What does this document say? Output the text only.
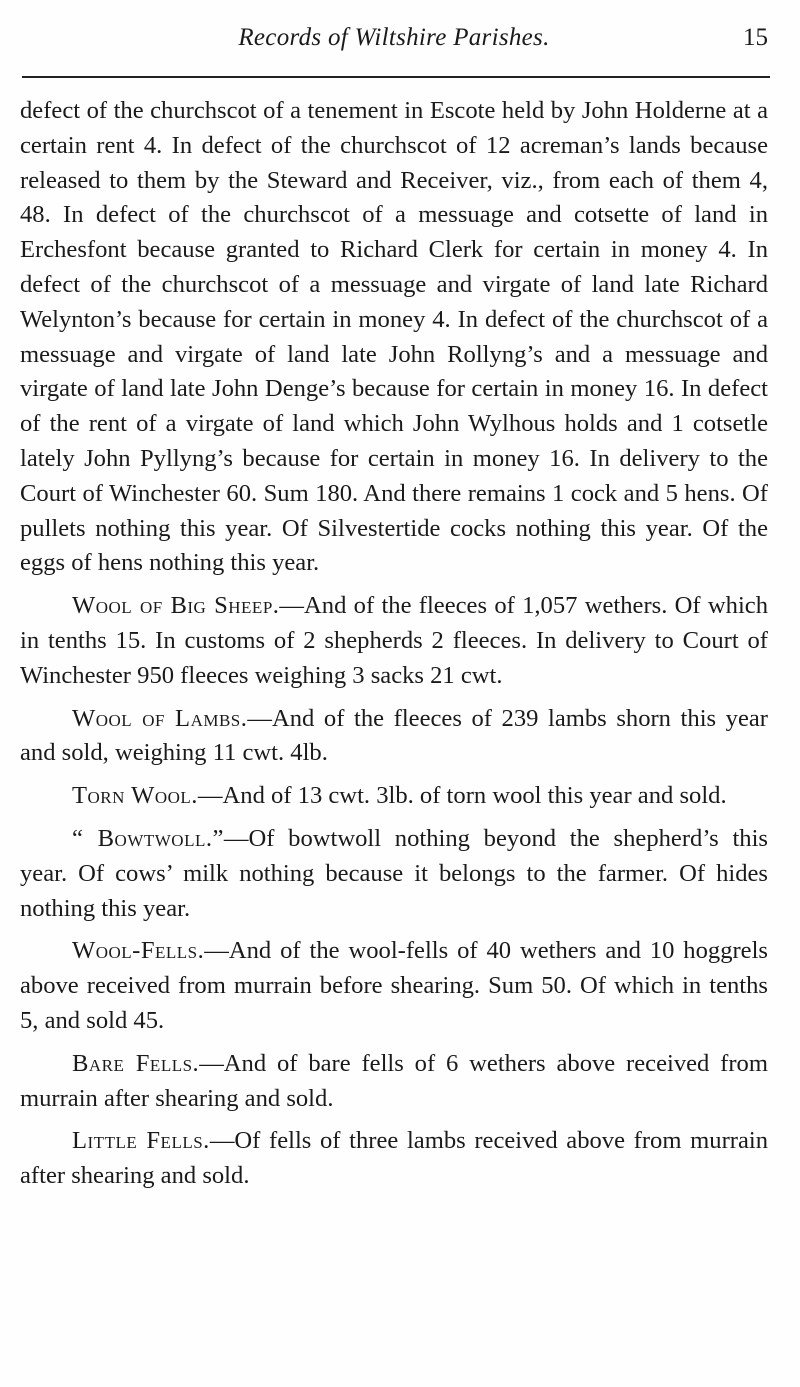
Records of Wiltshire Parishes.	15

defect of the churchscot of a tenement in Escote held by John Holderne at a certain rent 4. In defect of the churchscot of 12 acreman’s lands because released to them by the Steward and Receiver, viz., from each of them 4, 48. In defect of the churchscot of a messuage and cotsette of land in Erchesfont because granted to Richard Clerk for certain in money 4. In defect of the churchscot of a messuage and virgate of land late Richard Welynton’s because for certain in money 4. In defect of the churchscot of a messuage and virgate of land late John Rollyng’s and a messuage and virgate of land late John Denge’s because for certain in money 16. In defect of the rent of a virgate of land which John Wylhous holds and 1 cotsetle lately John Pyllyng’s because for certain in money 16. In delivery to the Court of Winchester 60. Sum 180. And there remains 1 cock and 5 hens. Of pullets nothing this year. Of Silvestertide cocks nothing this year. Of the eggs of hens nothing this year.

Wool of Big Sheep.—And of the fleeces of 1,057 wethers. Of which in tenths 15. In customs of 2 shepherds 2 fleeces. In delivery to Court of Winchester 950 fleeces weighing 3 sacks 21 cwt.

Wool of Lambs.—And of the fleeces of 239 lambs shorn this year and sold, weighing 11 cwt. 4lb.

Torn Wool.—And of 13 cwt. 3lb. of torn wool this year and sold.

“ Bowtwoll.”—Of bowtwoll nothing beyond the shepherd’s this year. Of cows’ milk nothing because it belongs to the farmer. Of hides nothing this year.

Wool-Fells.—And of the wool-fells of 40 wethers and 10 hoggrels above received from murrain before shearing. Sum 50. Of which in tenths 5, and sold 45.

Bare Fells.—And of bare fells of 6 wethers above received from murrain after shearing and sold.

Little Fells.—Of fells of three lambs received above from murrain after shearing and sold.
